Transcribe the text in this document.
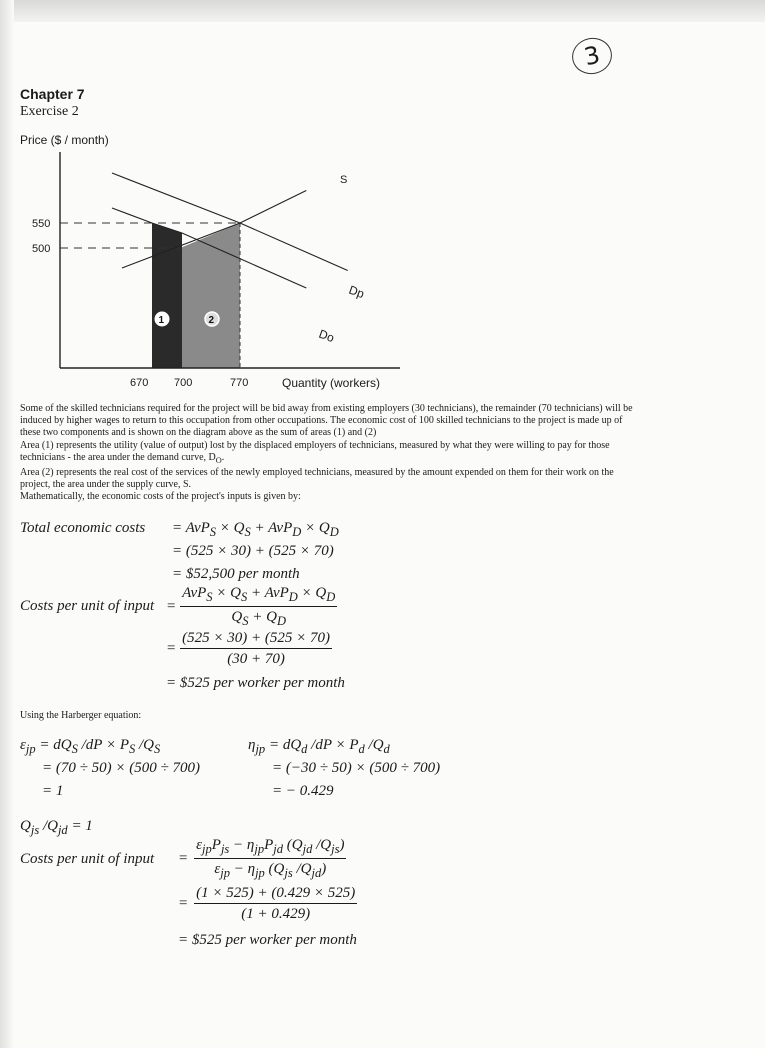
3
Chapter 7
Exercise 2
Price ($ / month)
Quantity (workers)
550
500
670 700	770
S
Dp
Do
1	2
Some of the skilled technicians required for the project will be bid away from existing employers (30 technicians), the remainder (70 technicians) will be induced by higher wages to return to this occupation from other occupations. The economic cost of 100 skilled technicians to the project is made up of these two components and is shown on the diagram above as the sum of areas (1) and (2)
Area (1) represents the utility (value of output) lost by the displaced employers of technicians, measured by what they were willing to pay for those technicians - the area under the demand curve, $D_O$.
Area (2) represents the real cost of the services of the newly employed technicians, measured by the amount expended on them for their work on the project, the area under the supply curve, S.
Mathematically, the economic costs of the project's inputs is given by:
Total economic costs = $AvP_S \times Q_S + AvP_D \times Q_D$
= (525 × 30) + (525 × 70)
= $52,500 per month
Costs per unit of input = $\frac{AvP_S \times Q_S + AvP_D \times Q_D}{Q_S + Q_D}$
= $\frac{(525 \times 30) + (525 \times 70)}{(30 + 70)}$
= $525 per worker per month
Using the Harberger equation:
$\varepsilon_{jp} = dQ_S$ $/dP \times P_S$ $/Q_S$
= (70 ÷ 50) × (500 ÷ 700)
= 1
$\eta_{jp} = dQ_d$ $/dP \times P_d$ $/Q_d$
= (−30 ÷ 50) × (500 ÷ 700)
= − 0.429
$Q_{js}$ $/Q_{jd} = 1$
Costs per unit of input = $\frac{\varepsilon_{jp}P_{js} - \eta_{jp}P_{jd} (Q_{jd} /Q_{js})}{\varepsilon_{jp} - \eta_{jp} (Q_{js} /Q_{jd})}$
= $\frac{(1 \times 525) + (0.429 \times 525)}{(1 + 0.429)}$
= $525 per worker per month
